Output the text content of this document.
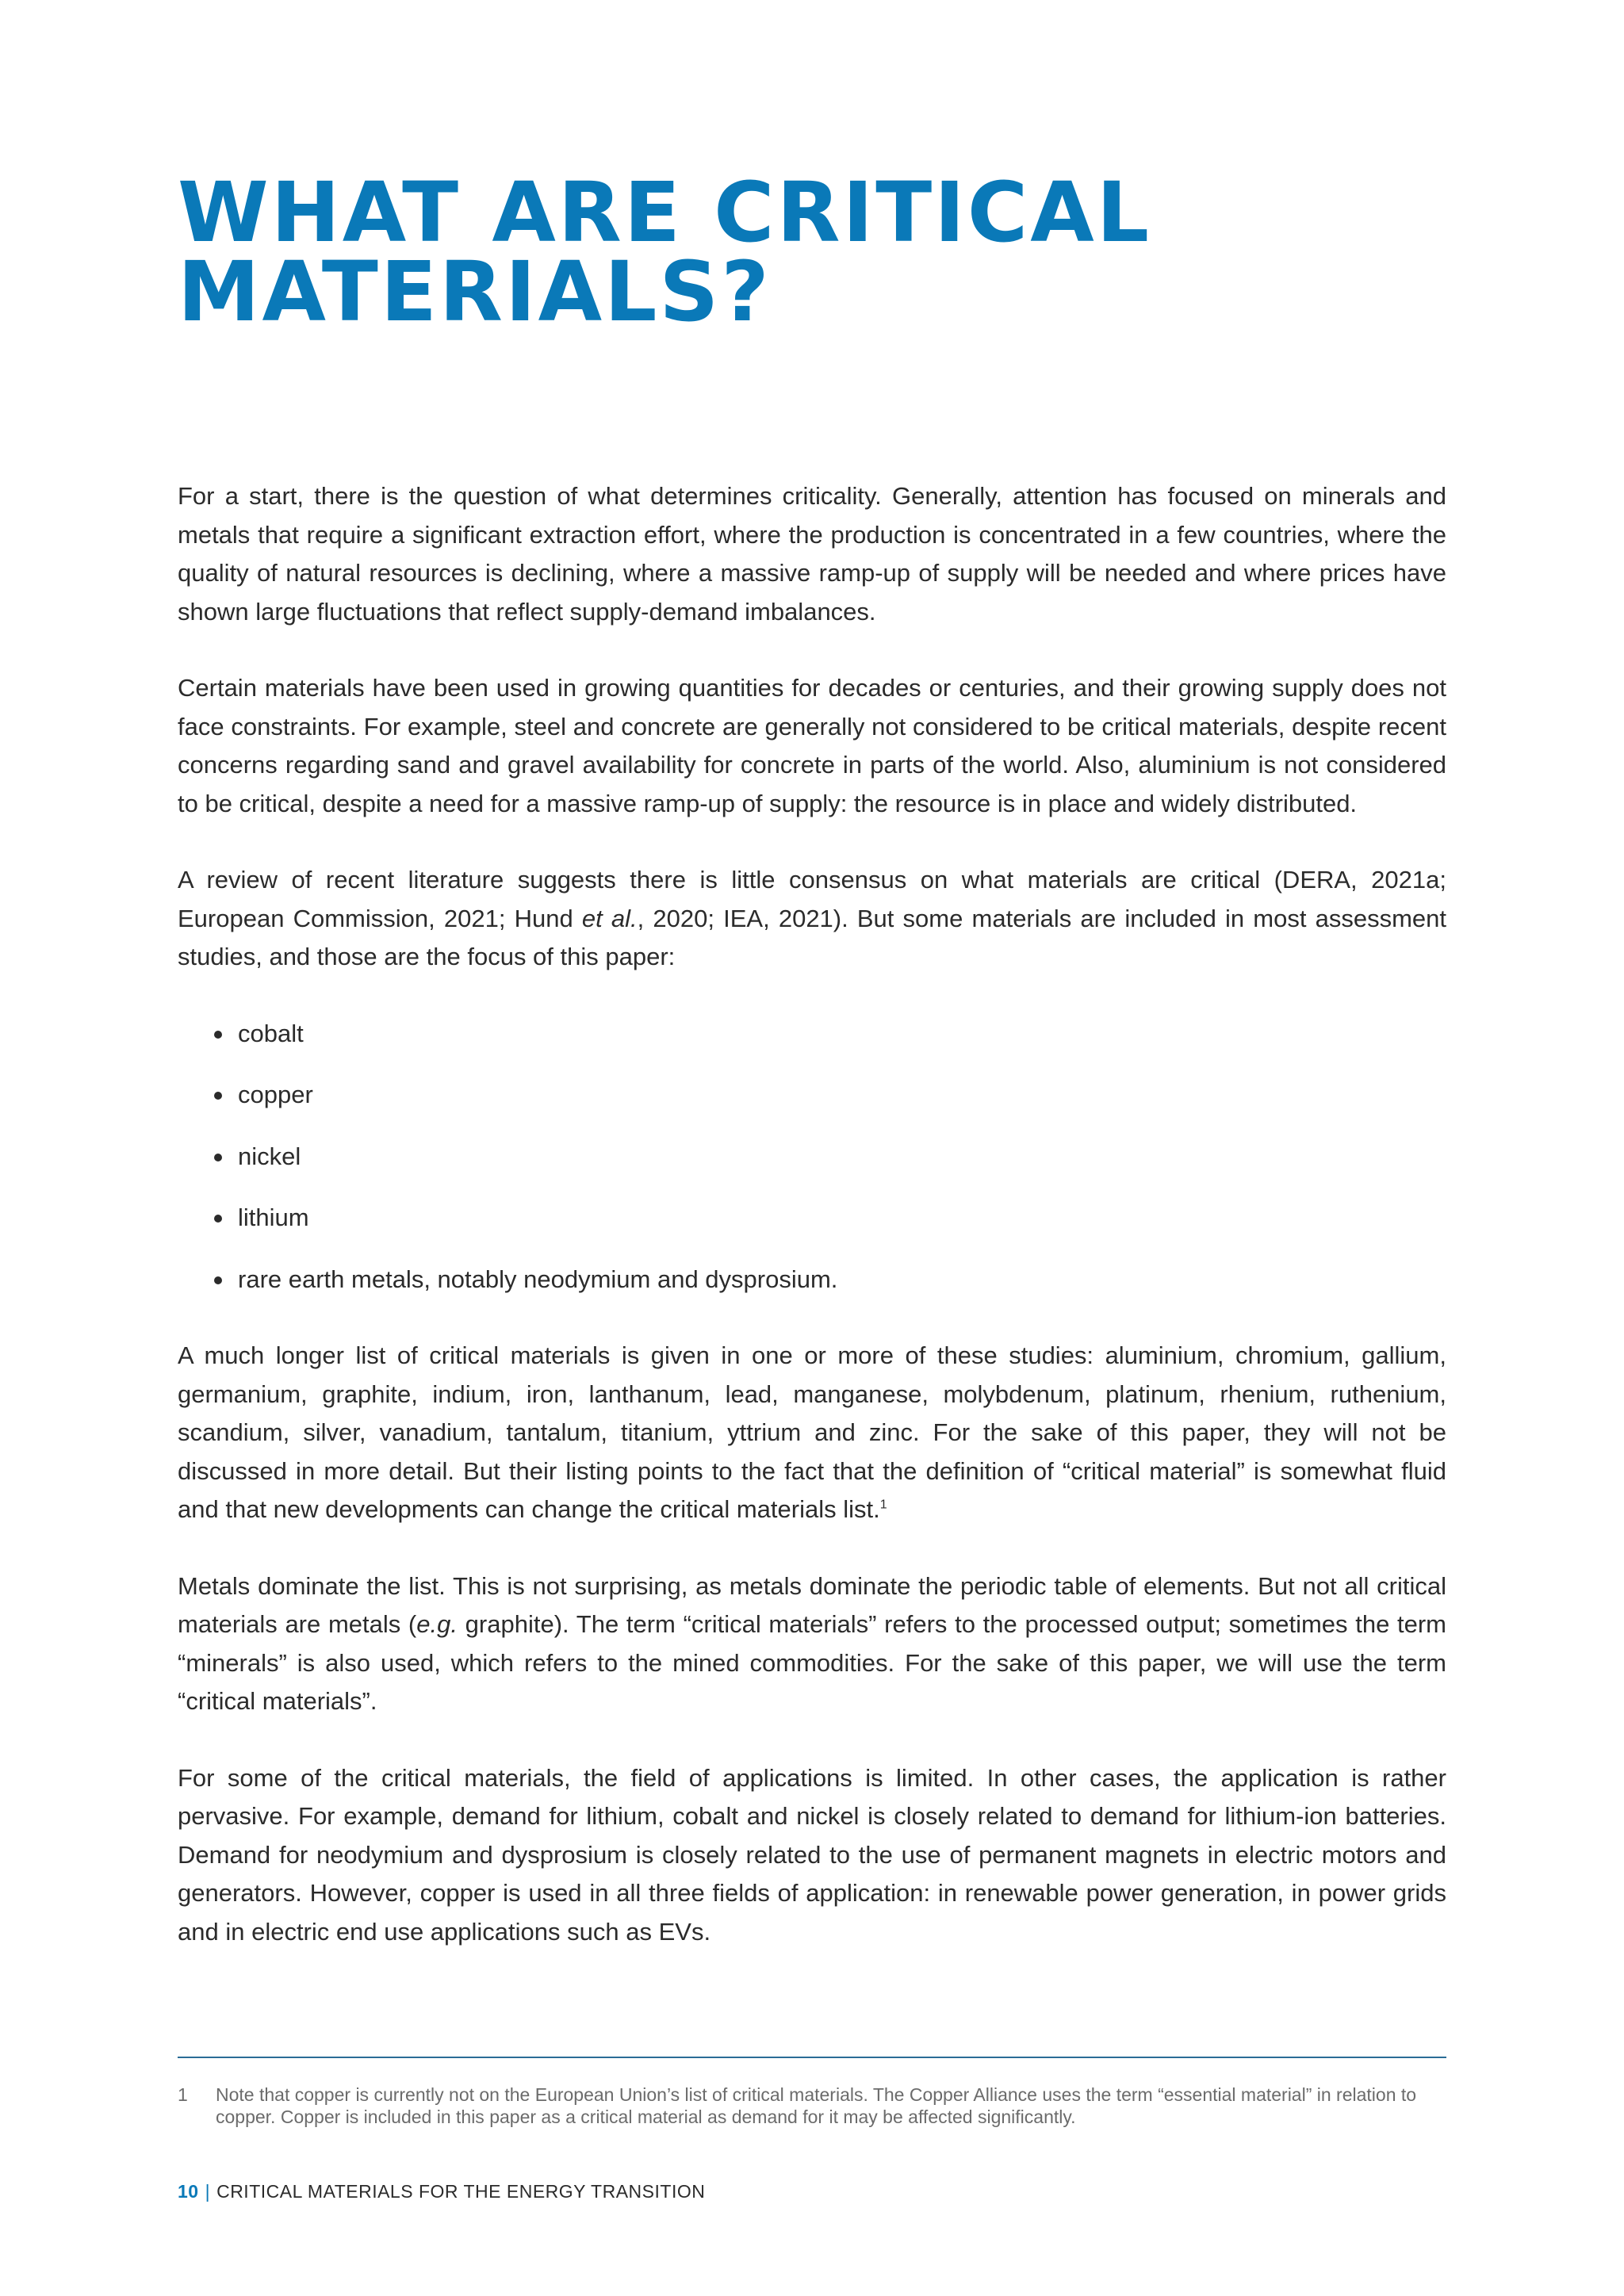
WHAT ARE CRITICAL
MATERIALS?

For a start, there is the question of what determines criticality. Generally, attention has focused on minerals and metals that require a significant extraction effort, where the production is concentrated in a few countries, where the quality of natural resources is declining, where a massive ramp-up of supply will be needed and where prices have shown large fluctuations that reflect supply-demand imbalances.

Certain materials have been used in growing quantities for decades or centuries, and their growing supply does not face constraints. For example, steel and concrete are generally not considered to be critical materials, despite recent concerns regarding sand and gravel availability for concrete in parts of the world. Also, aluminium is not considered to be critical, despite a need for a massive ramp-up of supply: the resource is in place and widely distributed.

A review of recent literature suggests there is little consensus on what materials are critical (DERA, 2021a; European Commission, 2021; Hund et al., 2020; IEA, 2021). But some materials are included in most assessment studies, and those are the focus of this paper:

cobalt
copper
nickel
lithium
rare earth metals, notably neodymium and dysprosium.

A much longer list of critical materials is given in one or more of these studies: aluminium, chromium, gallium, germanium, graphite, indium, iron, lanthanum, lead, manganese, molybdenum, platinum, rhenium, ruthenium, scandium, silver, vanadium, tantalum, titanium, yttrium and zinc. For the sake of this paper, they will not be discussed in more detail. But their listing points to the fact that the definition of “critical material” is somewhat fluid and that new developments can change the critical materials list.$^1$

Metals dominate the list. This is not surprising, as metals dominate the periodic table of elements. But not all critical materials are metals (e.g. graphite). The term “critical materials” refers to the processed output; sometimes the term “minerals” is also used, which refers to the mined commodities. For the sake of this paper, we will use the term “critical materials”.

For some of the critical materials, the field of applications is limited. In other cases, the application is rather pervasive. For example, demand for lithium, cobalt and nickel is closely related to demand for lithium-ion batteries. Demand for neodymium and dysprosium is closely related to the use of permanent magnets in electric motors and generators. However, copper is used in all three fields of application: in renewable power generation, in power grids and in electric end use applications such as EVs.

1	Note that copper is currently not on the European Union’s list of critical materials. The Copper Alliance uses the term “essential material” in relation to copper. Copper is included in this paper as a critical material as demand for it may be affected significantly.
10 | CRITICAL MATERIALS FOR THE ENERGY TRANSITION
